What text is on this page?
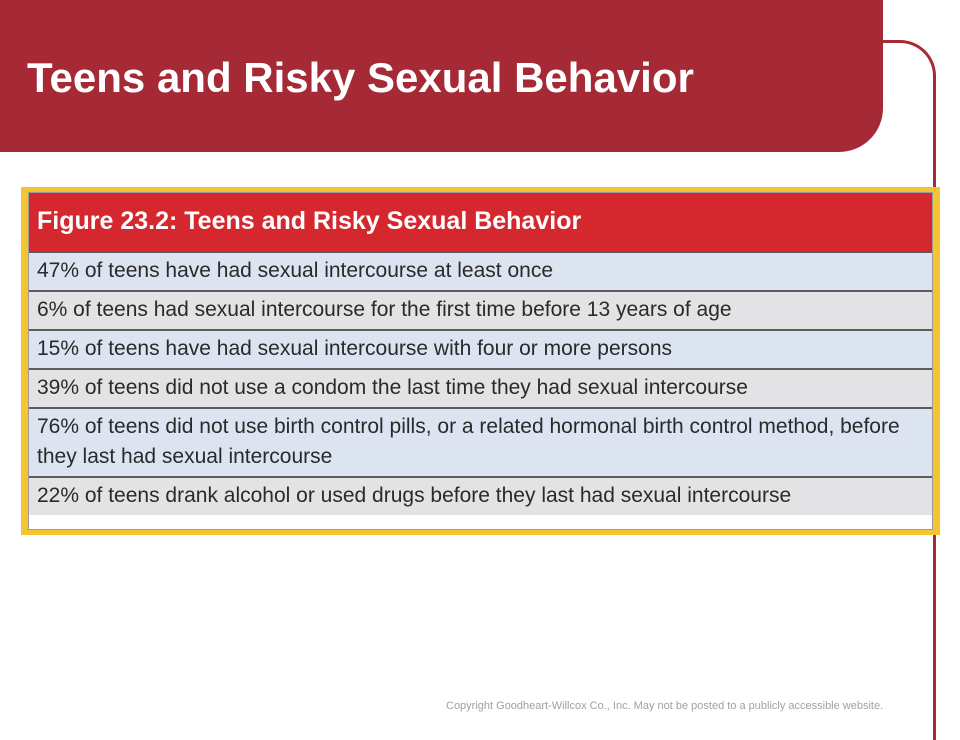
Teens and Risky Sexual Behavior
Figure 23.2: Teens and Risky Sexual Behavior
47% of teens have had sexual intercourse at least once
6% of teens had sexual intercourse for the first time before 13 years of age
15% of teens have had sexual intercourse with four or more persons
39% of teens did not use a condom the last time they had sexual intercourse
76% of teens did not use birth control pills, or a related hormonal birth control method, before they last had sexual intercourse
22% of teens drank alcohol or used drugs before they last had sexual intercourse
Copyright Goodheart-Willcox Co., Inc. May not be posted to a publicly accessible website.
